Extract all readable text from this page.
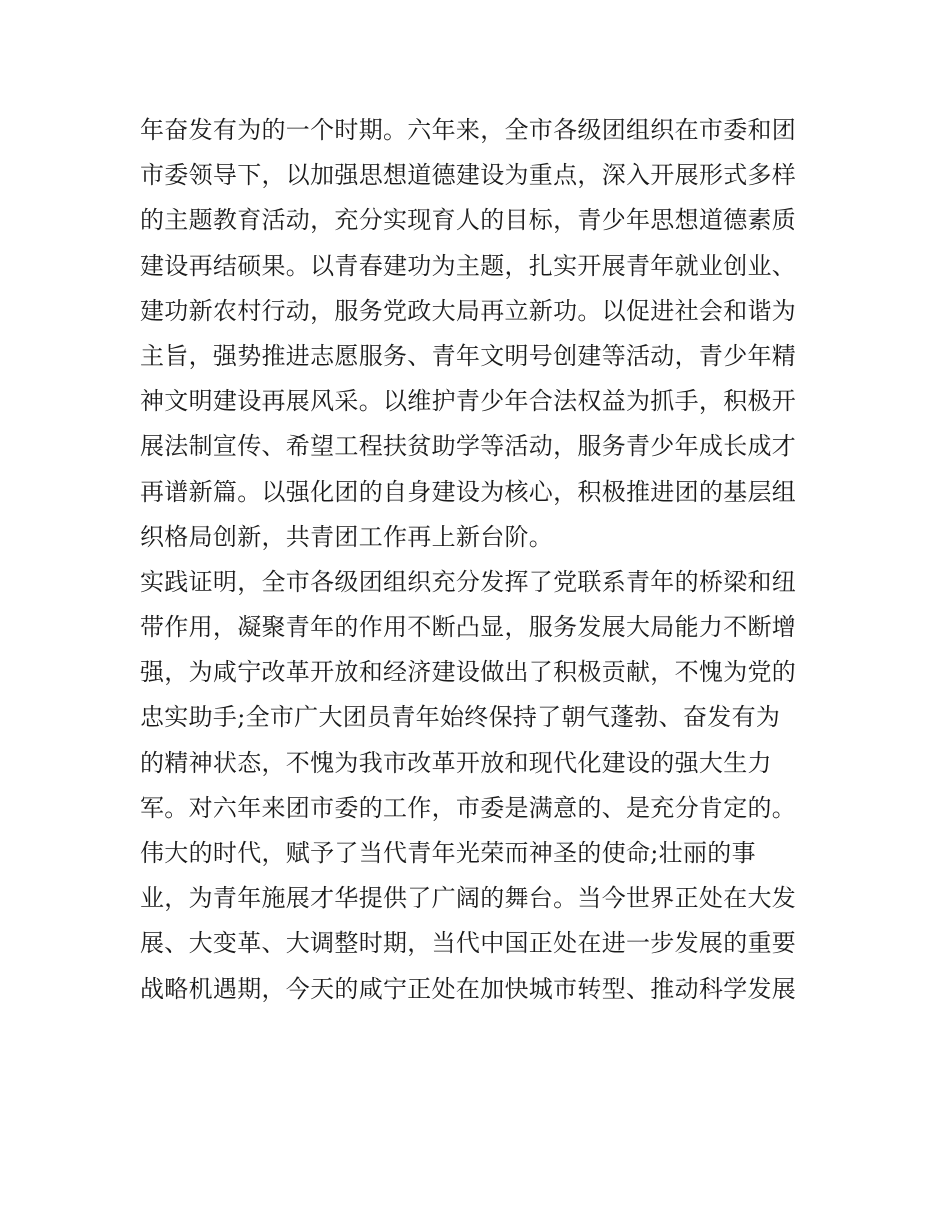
年奋发有为的一个时期。六年来，全市各级团组织在市委和团
市委领导下，以加强思想道德建设为重点，深入开展形式多样
的主题教育活动，充分实现育人的目标，青少年思想道德素质
建设再结硕果。以青春建功为主题，扎实开展青年就业创业、
建功新农村行动，服务党政大局再立新功。以促进社会和谐为
主旨，强势推进志愿服务、青年文明号创建等活动，青少年精
神文明建设再展风采。以维护青少年合法权益为抓手，积极开
展法制宣传、希望工程扶贫助学等活动，服务青少年成长成才
再谱新篇。以强化团的自身建设为核心，积极推进团的基层组
织格局创新，共青团工作再上新台阶。
实践证明，全市各级团组织充分发挥了党联系青年的桥梁和纽
带作用，凝聚青年的作用不断凸显，服务发展大局能力不断增
强，为咸宁改革开放和经济建设做出了积极贡献，不愧为党的
忠实助手;全市广大团员青年始终保持了朝气蓬勃、奋发有为
的精神状态，不愧为我市改革开放和现代化建设的强大生力
军。对六年来团市委的工作，市委是满意的、是充分肯定的。
伟大的时代，赋予了当代青年光荣而神圣的使命;壮丽的事
业，为青年施展才华提供了广阔的舞台。当今世界正处在大发
展、大变革、大调整时期，当代中国正处在进一步发展的重要
战略机遇期，今天的咸宁正处在加快城市转型、推动科学发展
